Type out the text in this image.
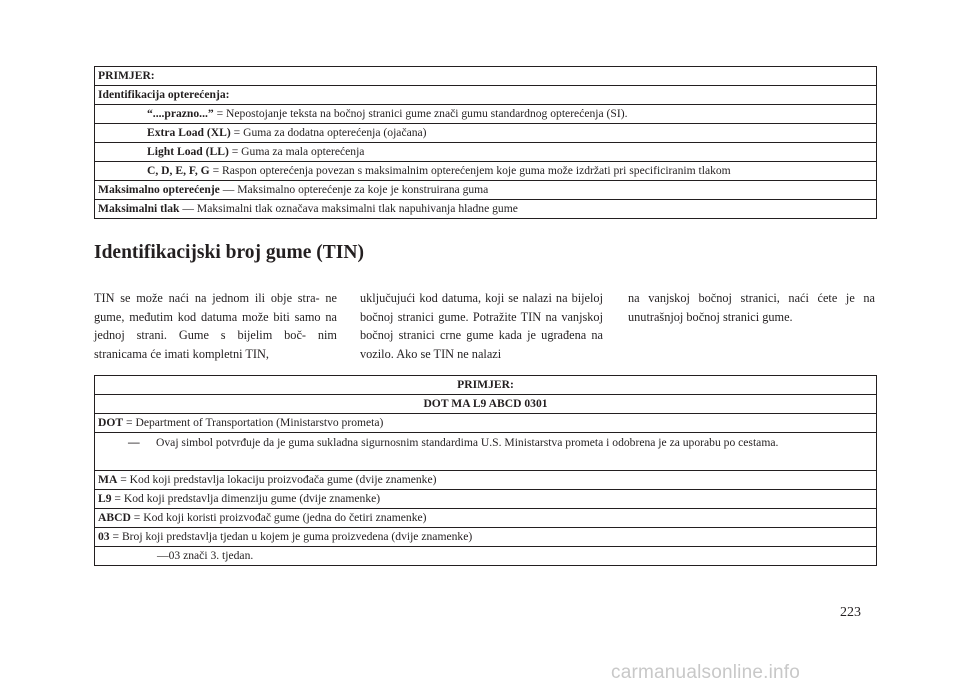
PRIMJER:
Identifikacija opterećenja:
“....prazno...” = Nepostojanje teksta na bočnoj stranici gume znači gumu standardnog opterećenja (SI).
Extra Load (XL) = Guma za dodatna opterećenja (ojačana)
Light Load (LL) = Guma za mala opterećenja
C, D, E, F, G = Raspon opterećenja povezan s maksimalnim opterećenjem koje guma može izdržati pri specificiranim tlakom
Maksimalno opterećenje — Maksimalno opterećenje za koje je konstruirana guma
Maksimalni tlak — Maksimalni tlak označava maksimalni tlak napuhivanja hladne gume
Identifikacijski broj gume (TIN)
TIN se može naći na jednom ili obje stra- ne gume, međutim kod datuma može biti samo na jednoj strani. Gume s bijelim boč- nim stranicama će imati kompletni TIN,
uključujući kod datuma, koji se nalazi na bijeloj bočnoj stranici gume. Potražite TIN na vanjskoj bočnoj stranici crne gume kada je ugrađena na vozilo. Ako se TIN ne nalazi
na vanjskoj bočnoj stranici, naći ćete je na unutrašnjoj bočnoj stranici gume.
PRIMJER:
DOT MA L9 ABCD 0301
DOT = Department of Transportation (Ministarstvo prometa)
— Ovaj simbol potvrđuje da je guma sukladna sigurnosnim standardima U.S. Ministarstva prometa i odobrena je za uporabu po cestama.
MA = Kod koji predstavlja lokaciju proizvođača gume (dvije znamenke)
L9 = Kod koji predstavlja dimenziju gume (dvije znamenke)
ABCD = Kod koji koristi proizvođač gume (jedna do četiri znamenke)
03 = Broj koji predstavlja tjedan u kojem je guma proizvedena (dvije znamenke)
—03 znači 3. tjedan.
223
carmanualsonline.info
